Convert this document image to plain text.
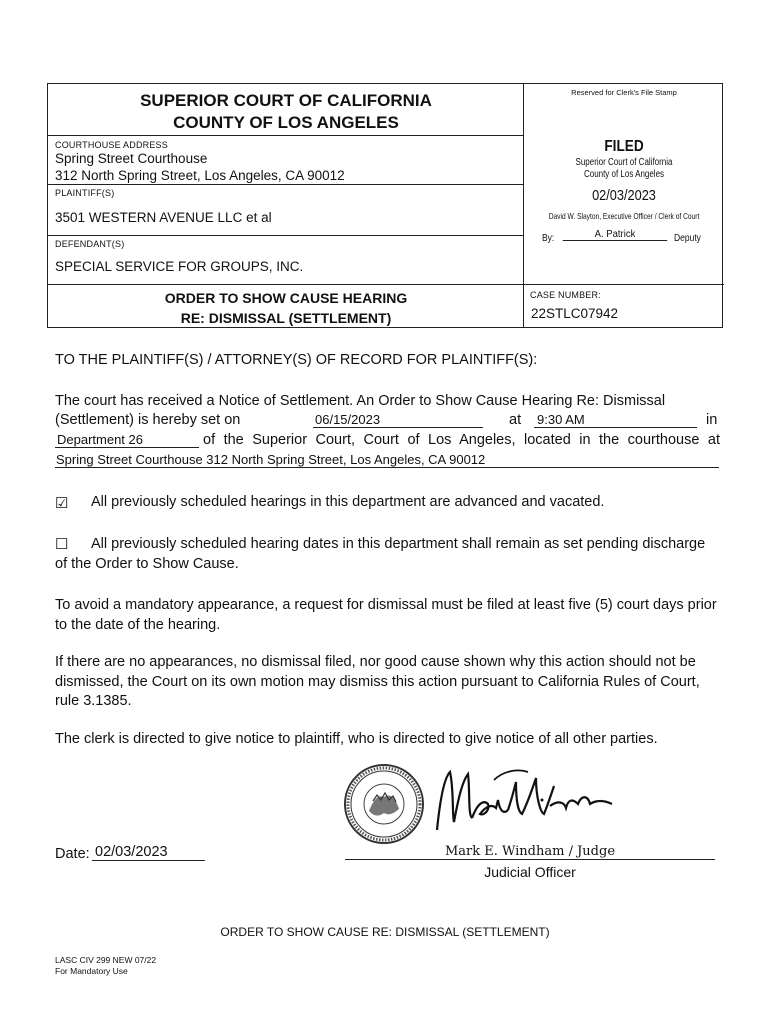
SUPERIOR COURT OF CALIFORNIA
COUNTY OF LOS ANGELES
COURTHOUSE ADDRESS
Spring Street Courthouse
312 North Spring Street, Los Angeles, CA 90012
PLAINTIFF(S)
3501 WESTERN AVENUE LLC et al
DEFENDANT(S)
SPECIAL SERVICE FOR GROUPS, INC.
ORDER TO SHOW CAUSE HEARING
RE: DISMISSAL (SETTLEMENT)
CASE NUMBER:
22STLC07942
Reserved for Clerk's File Stamp
FILED
Superior Court of California
County of Los Angeles
02/03/2023
David W. Slayton, Executive Officer / Clerk of Court
By:	A. Patrick	Deputy
TO THE PLAINTIFF(S) / ATTORNEY(S) OF RECORD FOR PLAINTIFF(S):
The court has received a Notice of Settlement. An Order to Show Cause Hearing Re: Dismissal
(Settlement) is hereby set on	06/15/2023	at 9:30 AM	in
Department 26	of the Superior Court, Court of Los Angeles, located in the courthouse at
Spring Street Courthouse 312 North Spring Street, Los Angeles, CA 90012
☑ All previously scheduled hearings in this department are advanced and vacated.
☐ All previously scheduled hearing dates in this department shall remain as set pending discharge
of the Order to Show Cause.
To avoid a mandatory appearance, a request for dismissal must be filed at least five (5) court days prior to the date of the hearing.
If there are no appearances, no dismissal filed, nor good cause shown why this action should not be dismissed, the Court on its own motion may dismiss this action pursuant to California Rules of Court, rule 3.1385.
The clerk is directed to give notice to plaintiff, who is directed to give notice of all other parties.
Date: 02/03/2023	Mark E. Windham / Judge
Judicial Officer
ORDER TO SHOW CAUSE RE: DISMISSAL (SETTLEMENT)
LASC CIV 299 NEW 07/22
For Mandatory Use
